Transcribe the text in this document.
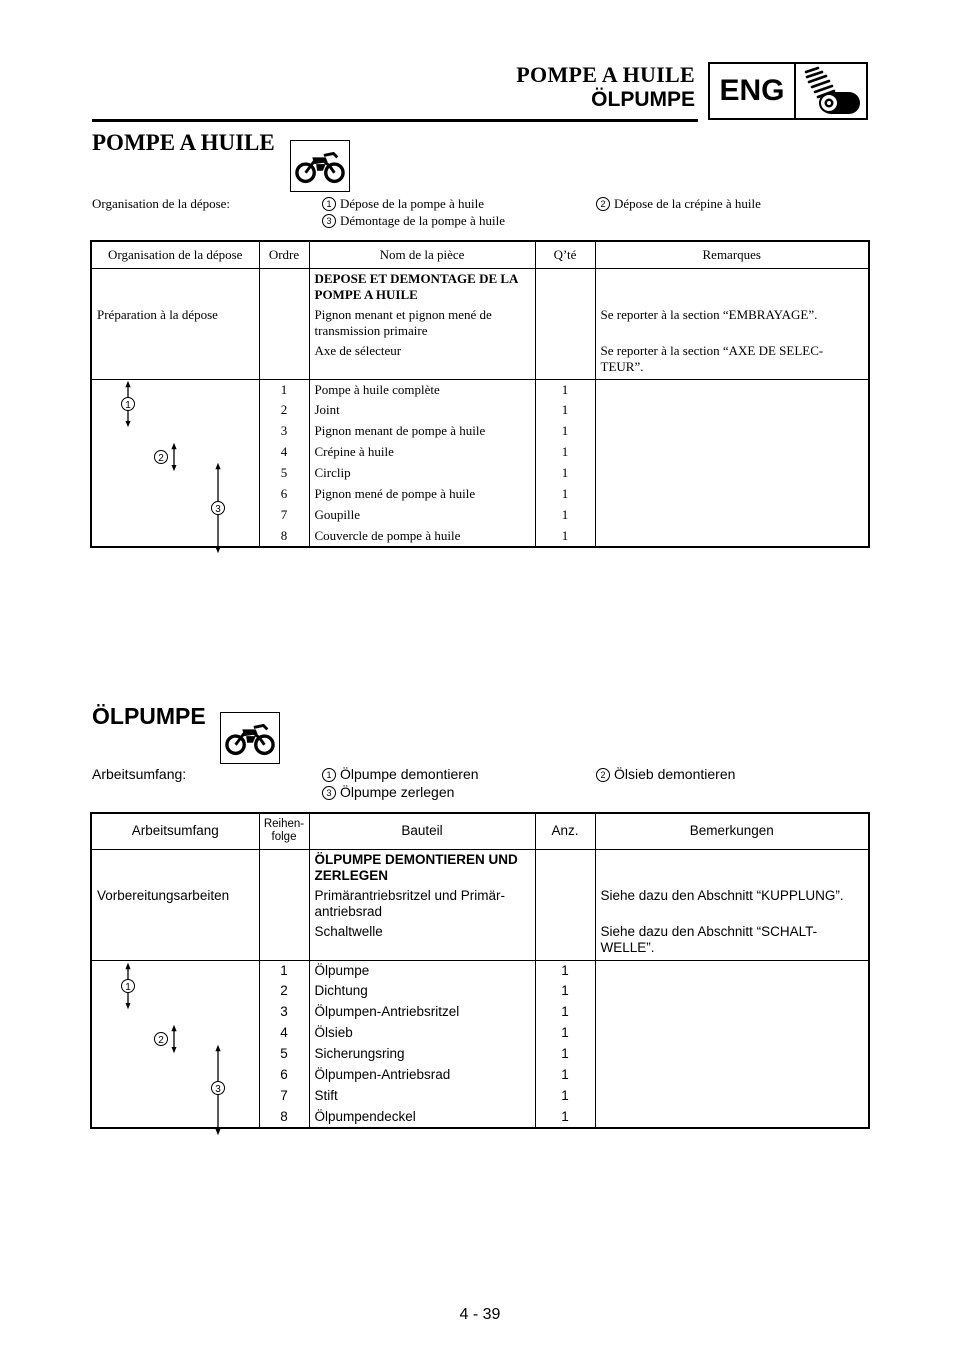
POMPE A HUILE
ÖLPUMPE ENG
POMPE A HUILE
Organisation de la dépose:	1 Dépose de la pompe à huile	2 Dépose de la crépine à huile
3 Démontage de la pompe à huile
Organisation de la dépose	Ordre	Nom de la pièce	Q’té	Remarques
		DEPOSE ET DEMONTAGE DE LA POMPE A HUILE		
Préparation à la dépose		Pignon menant et pignon mené de transmission primaire		Se reporter à la section “EMBRAYAGE”.
		Axe de sélecteur		Se reporter à la section “AXE DE SELEC-TEUR”.
	1	Pompe à huile complète	1	
	2	Joint	1	
	3	Pignon menant de pompe à huile	1	
	4	Crépine à huile	1	
	5	Circlip	1	
	6	Pignon mené de pompe à huile	1	
	7	Goupille	1	
	8	Couvercle de pompe à huile	1	
1
2
3
ÖLPUMPE
Arbeitsumfang:	1 Ölpumpe demontieren	2 Ölsieb demontieren
3 Ölpumpe zerlegen
Arbeitsumfang	Reihen-folge	Bauteil	Anz.	Bemerkungen
		ÖLPUMPE DEMONTIEREN UND ZERLEGEN		
Vorbereitungsarbeiten		Primärantriebsritzel und Primär-antriebsrad		Siehe dazu den Abschnitt “KUPPLUNG”.
		Schaltwelle		Siehe dazu den Abschnitt “SCHALT-WELLE”.
	1	Ölpumpe	1	
	2	Dichtung	1	
	3	Ölpumpen-Antriebsritzel	1	
	4	Ölsieb	1	
	5	Sicherungsring	1	
	6	Ölpumpen-Antriebsrad	1	
	7	Stift	1	
	8	Ölpumpendeckel	1	
1
2
3
4 - 39
